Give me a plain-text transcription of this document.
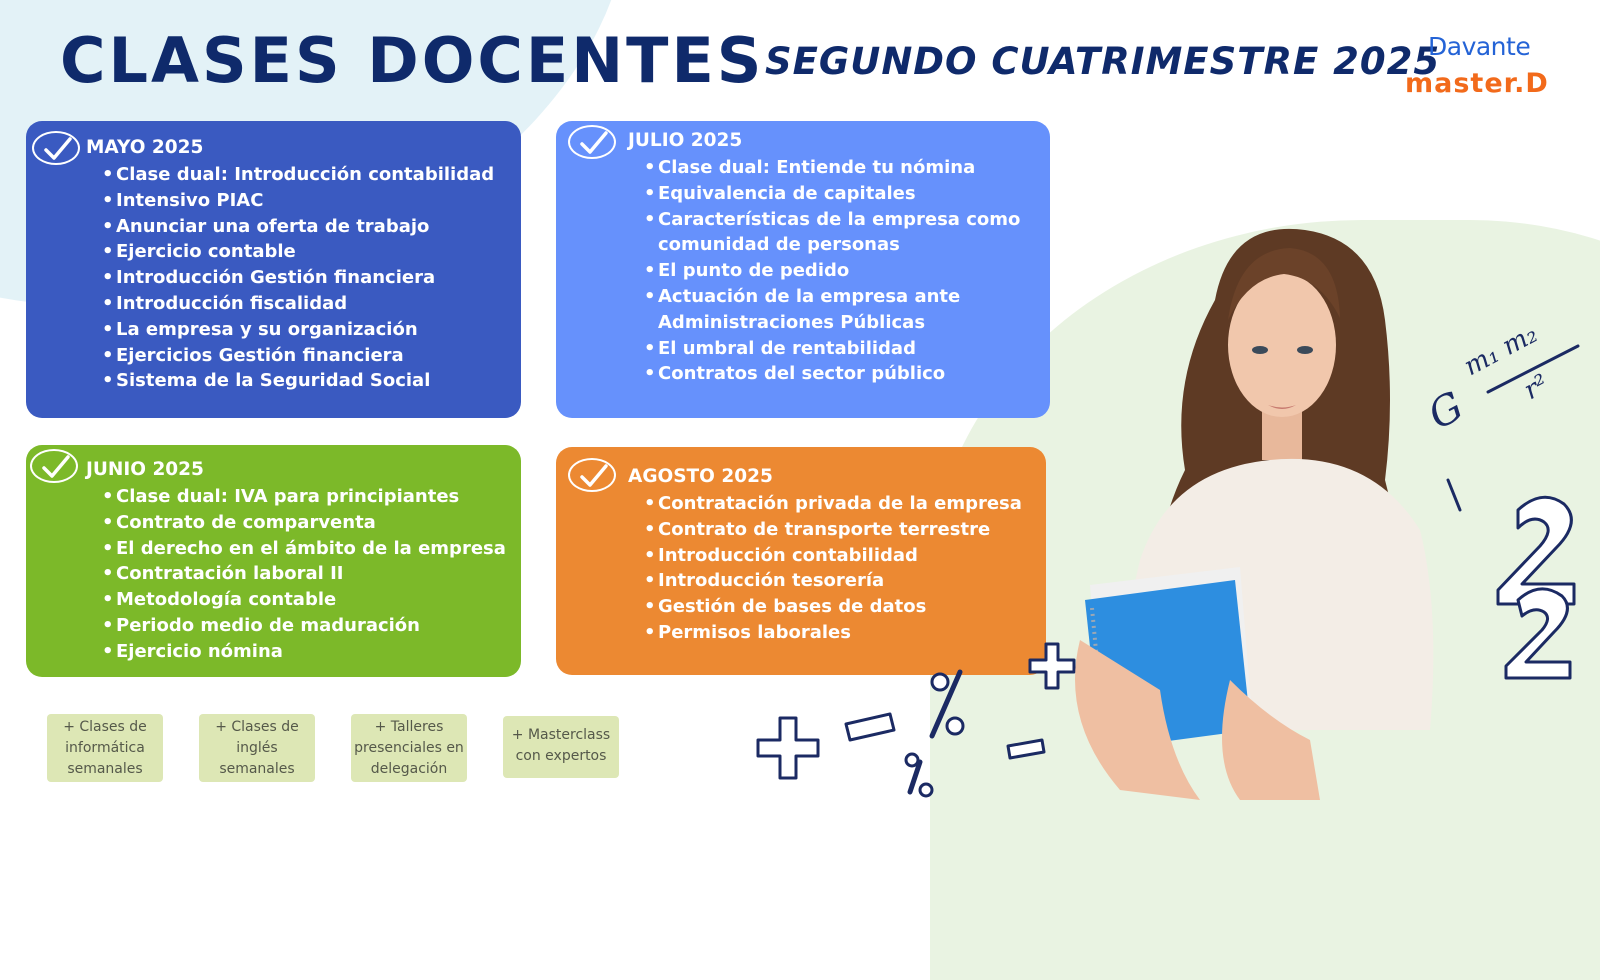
CLASES DOCENTES SEGUNDO CUATRIMESTRE 2025
Davante
master.D
MAYO 2025
• Clase dual: Introducción contabilidad
• Intensivo PIAC
• Anunciar una oferta de trabajo
• Ejercicio contable
• Introducción Gestión financiera
• Introducción fiscalidad
• La empresa y su organización
• Ejercicios Gestión financiera
• Sistema de la Seguridad Social
JULIO 2025
• Clase dual: Entiende tu nómina
• Equivalencia de capitales
• Características de la empresa como comunidad de personas
• El punto de pedido
• Actuación de la empresa ante Administraciones Públicas
• El umbral de rentabilidad
• Contratos del sector público
JUNIO 2025
• Clase dual: IVA para principiantes
• Contrato de comparventa
• El derecho en el ámbito de la empresa
• Contratación laboral II
• Metodología contable
• Periodo medio de maduración
• Ejercicio nómina
AGOSTO 2025
• Contratación privada de la empresa
• Contrato de transporte terrestre
• Introducción contabilidad
• Introducción tesorería
• Gestión de bases de datos
• Permisos laborales
+ Clases de informática semanales
+ Clases de inglés semanales
+ Talleres presenciales en delegación
+ Masterclass con expertos
G
m₁ m₂
r²
